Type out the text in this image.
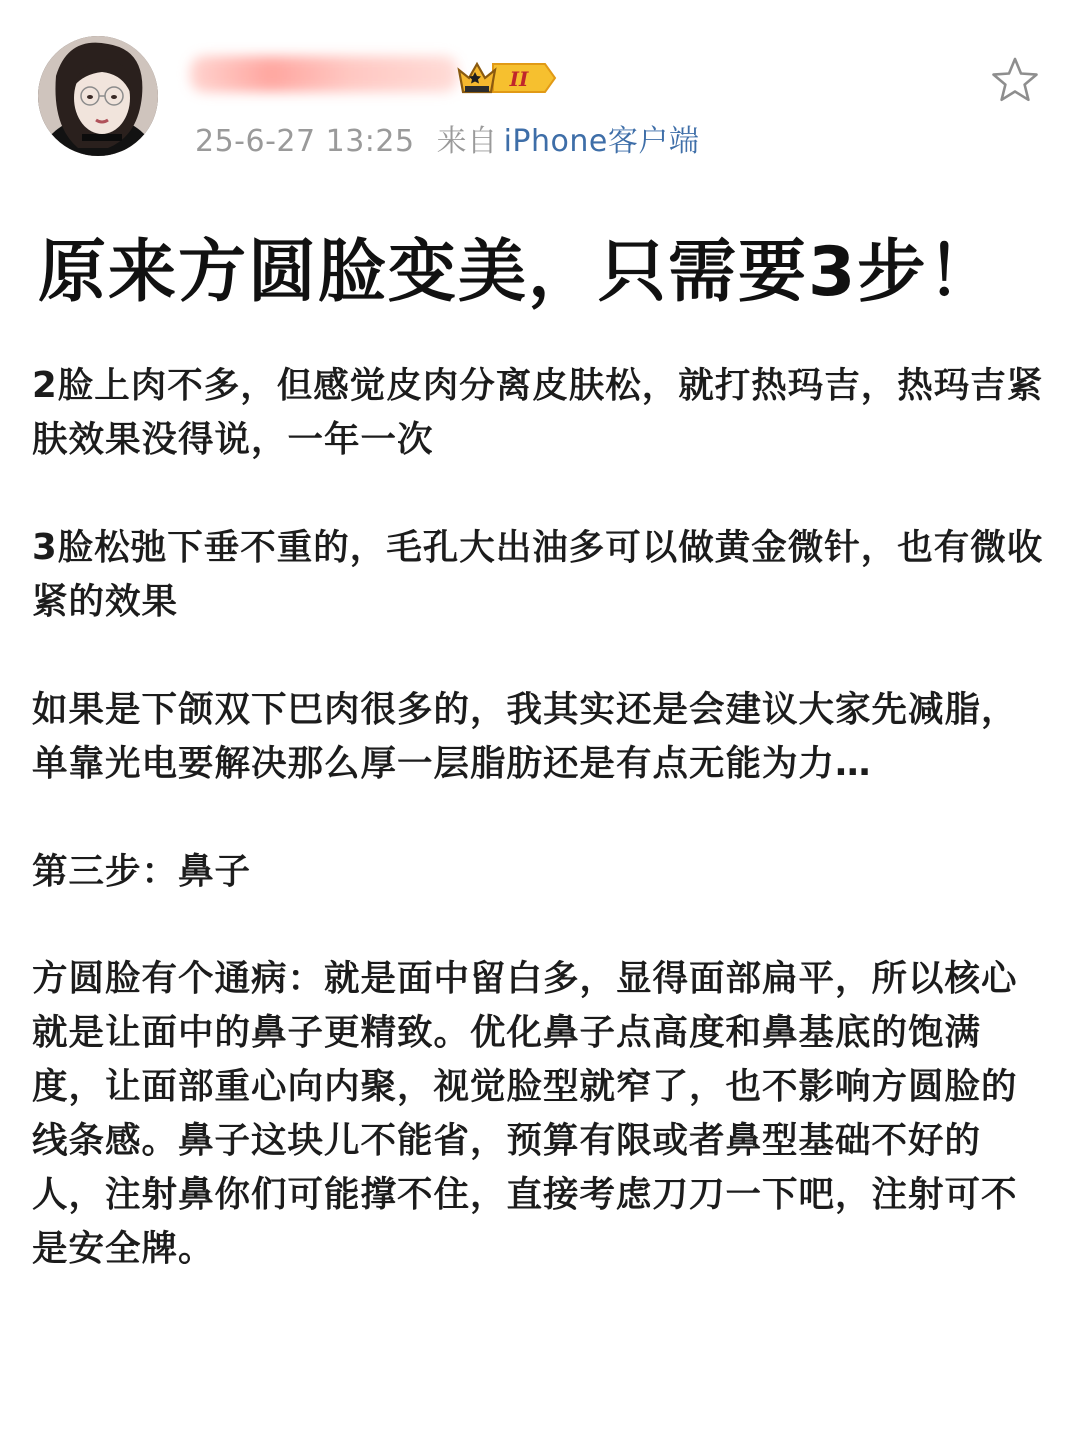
II
25-6-27 13:25 来自 iPhone客户端
原来方圆脸变美，只需要3步！

2脸上肉不多，但感觉皮肉分离皮肤松，就打热玛吉，热玛吉紧肤效果没得说，一年一次

3脸松弛下垂不重的，毛孔大出油多可以做黄金微针，也有微收紧的效果

如果是下颌双下巴肉很多的，我其实还是会建议大家先减脂，单靠光电要解决那么厚一层脂肪还是有点无能为力…

第三步：鼻子

方圆脸有个通病：就是面中留白多，显得面部扁平，所以核心就是让面中的鼻子更精致。优化鼻子点高度和鼻基底的饱满度，让面部重心向内聚，视觉脸型就窄了，也不影响方圆脸的线条感。鼻子这块儿不能省，预算有限或者鼻型基础不好的人，注射鼻你们可能撑不住，直接考虑刀刀一下吧，注射可不是安全牌。
